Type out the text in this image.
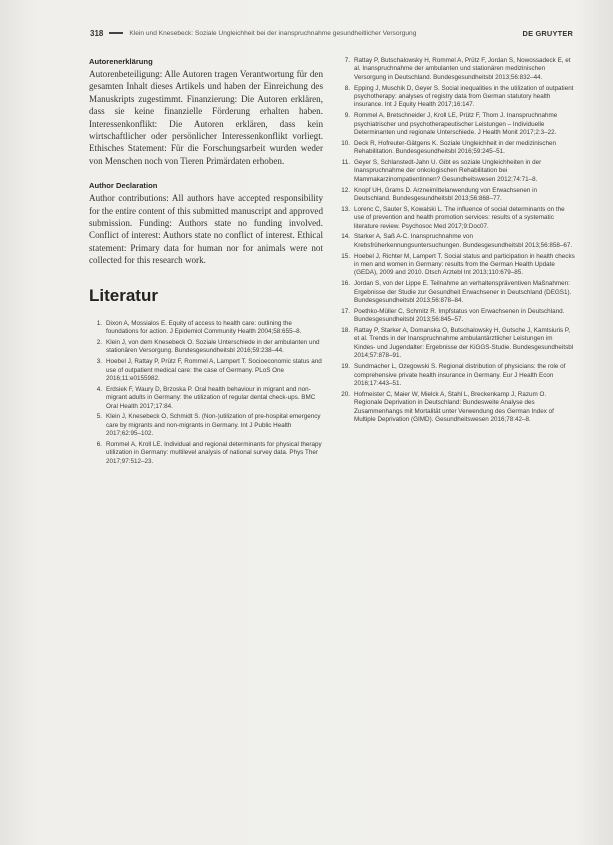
318	Klein und Knesebeck: Soziale Ungleichheit bei der inanspruchnahme gesundheitlicher Versorgung	DE GRUYTER
Autorenerklärung

Autorenbeteiligung: Alle Autoren tragen Verantwortung für den gesamten Inhalt dieses Artikels und haben der Einreichung des Manuskripts zugestimmt. Finanzierung: Die Autoren erklären, dass sie keine finanzielle Förderung erhalten haben. Interessenkonflikt: Die Autoren erklären, dass kein wirtschaftlicher oder persönlicher Interessenkonflikt vorliegt. Ethisches Statement: Für die Forschungsarbeit wurden weder von Menschen noch von Tieren Primärdaten erhoben.

Author Declaration

Author contributions: All authors have accepted responsibility for the entire content of this submitted manuscript and approved submission. Funding: Authors state no funding involved. Conflict of interest: Authors state no conflict of interest. Ethical statement: Primary data for human nor for animals were not collected for this research work.

Literatur
1. Dixon A, Mossialos E. Equity of access to health care: outlining the foundations for action. J Epidemiol Community Health 2004;58:655–8.
2. Klein J, von dem Knesebeck O. Soziale Unterschiede in der ambulanten und stationären Versorgung. Bundesgesundheitsbl 2016;59:238–44.
3. Hoebel J, Rattay P, Prütz F, Rommel A, Lampert T. Socioeconomic status and use of outpatient medical care: the case of Germany. PLoS One 2016;11:e0155982.
4. Erdsiek F, Waury D, Brzoska P. Oral health behaviour in migrant and non-migrant adults in Germany: the utilization of regular dental check-ups. BMC Oral Health 2017;17:84.
5. Klein J, Knesebeck O, Schmidt S. (Non-)utilization of pre-hospital emergency care by migrants and non-migrants in Germany. Int J Public Health 2017;62:95–102.
6. Rommel A, Kroll LE. Individual and regional determinants for physical therapy utilization in Germany: multilevel analysis of national survey data. Phys Ther 2017;97:512–23.
7. Rattay P, Butschalowsky H, Rommel A, Prütz F, Jordan S, Nowossadeck E, et al. Inanspruchnahme der ambulanten und stationären medizinischen Versorgung in Deutschland. Bundesgesundheitsbl 2013;56:832–44.
8. Epping J, Muschik D, Geyer S. Social inequalities in the utilization of outpatient psychotherapy: analyses of registry data from German statutory health insurance. Int J Equity Health 2017;16:147.
9. Rommel A, Bretschneider J, Kroll LE, Prütz F, Thom J. Inanspruchnahme psychiatrischer und psychotherapeutischer Leistungen – Individuelle Determinanten und regionale Unterschiede. J Health Monit 2017;2:3–22.
10. Deck R, Hofreuter-Gätgens K. Soziale Ungleichheit in der medizinischen Rehabilitation. Bundesgesundheitsbl 2016;59:245–51.
11. Geyer S, Schlanstedt-Jahn U. Gibt es soziale Ungleichheiten in der Inanspruchnahme der onkologischen Rehabilitation bei Mammakarzinompatientinnen? Gesundheitswesen 2012;74:71–8.
12. Knopf UH, Grams D. Arzneimittelanwendung von Erwachsenen in Deutschland. Bundesgesundheitsbl 2013;56:868–77.
13. Lorenc C, Sauter S, Kowalski L. The influence of social determinants on the use of prevention and health promotion services: results of a systematic literature review. Psychosoc Med 2017;9:Doc07.
14. Starker A, Saß A-C. Inanspruchnahme von Krebsfrüherkennungsuntersuchungen. Bundesgesundheitsbl 2013;56:858–67.
15. Hoebel J, Richter M, Lampert T. Social status and participation in health checks in men and women in Germany: results from the German Health Update (GEDA), 2009 and 2010. Dtsch Arztebl Int 2013;110:679–85.
16. Jordan S, von der Lippe E. Teilnahme an verhaltenspräventiven Maßnahmen: Ergebnisse der Studie zur Gesundheit Erwachsener in Deutschland (DEGS1). Bundesgesundheitsbl 2013;56:878–84.
17. Poethko-Müller C, Schmitz R. Impfstatus von Erwachsenen in Deutschland. Bundesgesundheitsbl 2013;56:845–57.
18. Rattay P, Starker A, Domanska O, Butschalowsky H, Gutsche J, Kamtsiuris P, et al. Trends in der Inanspruchnahme ambulantärztlicher Leistungen im Kindes- und Jugendalter: Ergebnisse der KiGGS-Studie. Bundesgesundheitsbl 2014;57:878–91.
19. Sundmacher L, Ozegowski S. Regional distribution of physicians: the role of comprehensive private health insurance in Germany. Eur J Health Econ 2016;17:443–51.
20. Hofmeister C, Maier W, Mielck A, Stahl L, Breckenkamp J, Razum O. Regionale Deprivation in Deutschland: Bundesweite Analyse des Zusammenhangs mit Mortalität unter Verwendung des German Index of Multiple Deprivation (GIMD). Gesundheitswesen 2016;78:42–8.
